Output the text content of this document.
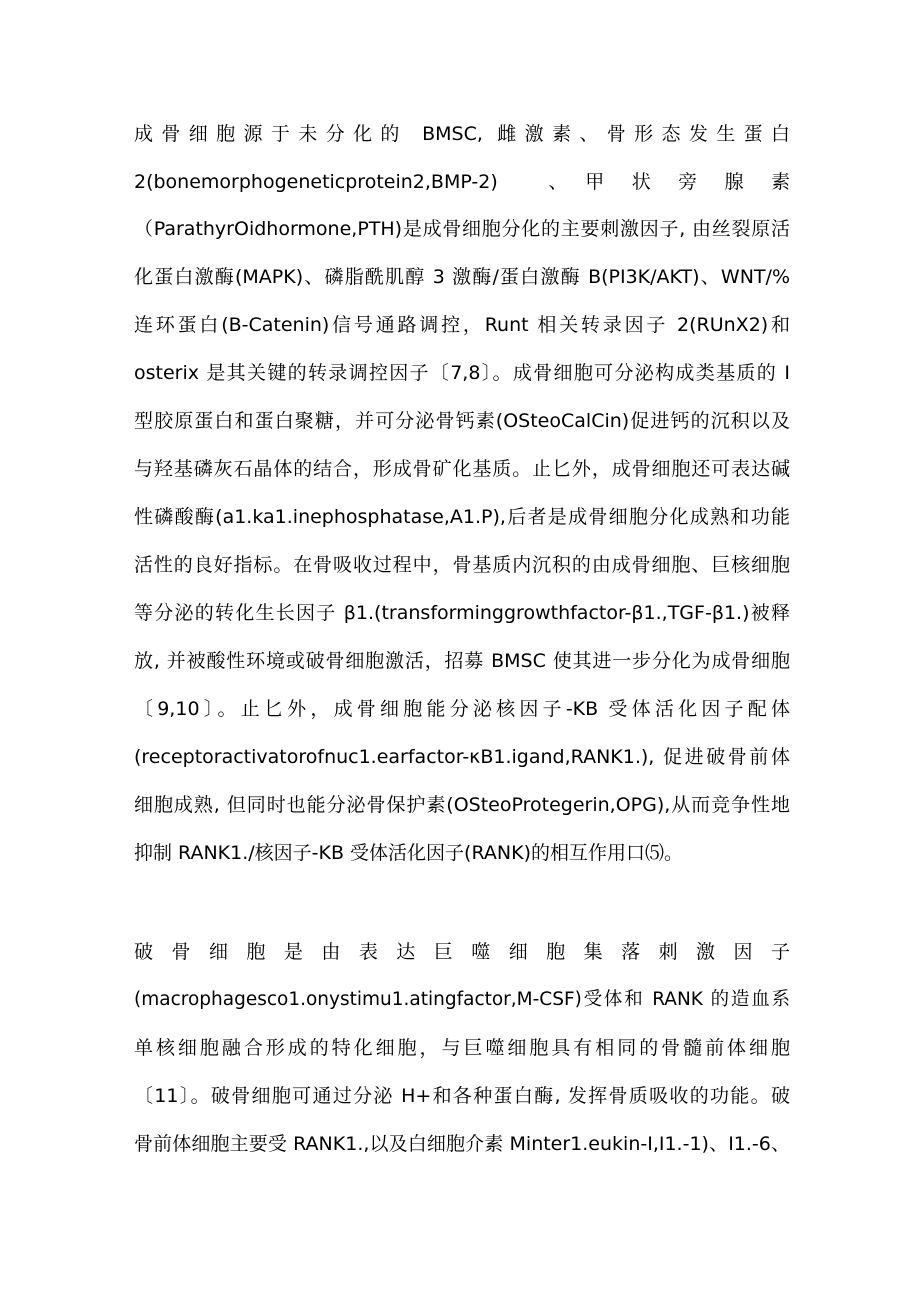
成骨细胞源于未分化的 BMSC, 雌激素、骨形态发生蛋白
2(bonemorphogeneticprotein2,BMP-2)　　、　甲　状　旁　腺　素
（ParathyrOidhormone,PTH)是成骨细胞分化的主要刺激因子, 由丝裂原活
化蛋白激酶(MAPK)、磷脂酰肌醇 3 激酶/蛋白激酶 B(PI3K/AKT)、WNT/%
连环蛋白(B-Catenin)信号通路调控，Runt 相关转录因子 2(RUnX2)和
osterix 是其关键的转录调控因子〔7,8〕。成骨细胞可分泌构成类基质的 I
型胶原蛋白和蛋白聚糖，并可分泌骨钙素(OSteoCalCin)促进钙的沉积以及
与羟基磷灰石晶体的结合，形成骨矿化基质。止匕外，成骨细胞还可表达碱
性磷酸酶(a1.ka1.inephosphatase,A1.P),后者是成骨细胞分化成熟和功能
活性的良好指标。在骨吸收过程中，骨基质内沉积的由成骨细胞、巨核细胞
等分泌的转化生长因子 β1.(transforminggrowthfactor-β1.,TGF-β1.)被释
放, 并被酸性环境或破骨细胞激活，招募 BMSC 使其进一步分化为成骨细胞
〔9,10〕。止匕外，成骨细胞能分泌核因子-KB 受体活化因子配体
(receptoractivatorofnuc1.earfactor-κB1.igand,RANK1.), 促进破骨前体
细胞成熟, 但同时也能分泌骨保护素(OSteoProtegerin,OPG),从而竞争性地
抑制 RANK1./核因子-KB 受体活化因子(RANK)的相互作用口⑸。
破骨细胞是由表达巨噬细胞集落刺激因子
(macrophagesco1.onystimu1.atingfactor,M-CSF)受体和 RANK 的造血系
单核细胞融合形成的特化细胞，与巨噬细胞具有相同的骨髓前体细胞
〔11〕。破骨细胞可通过分泌 H+和各种蛋白酶, 发挥骨质吸收的功能。破
骨前体细胞主要受 RANK1.,以及白细胞介素 Minter1.eukin-I,I1.-1)、I1.-6、
